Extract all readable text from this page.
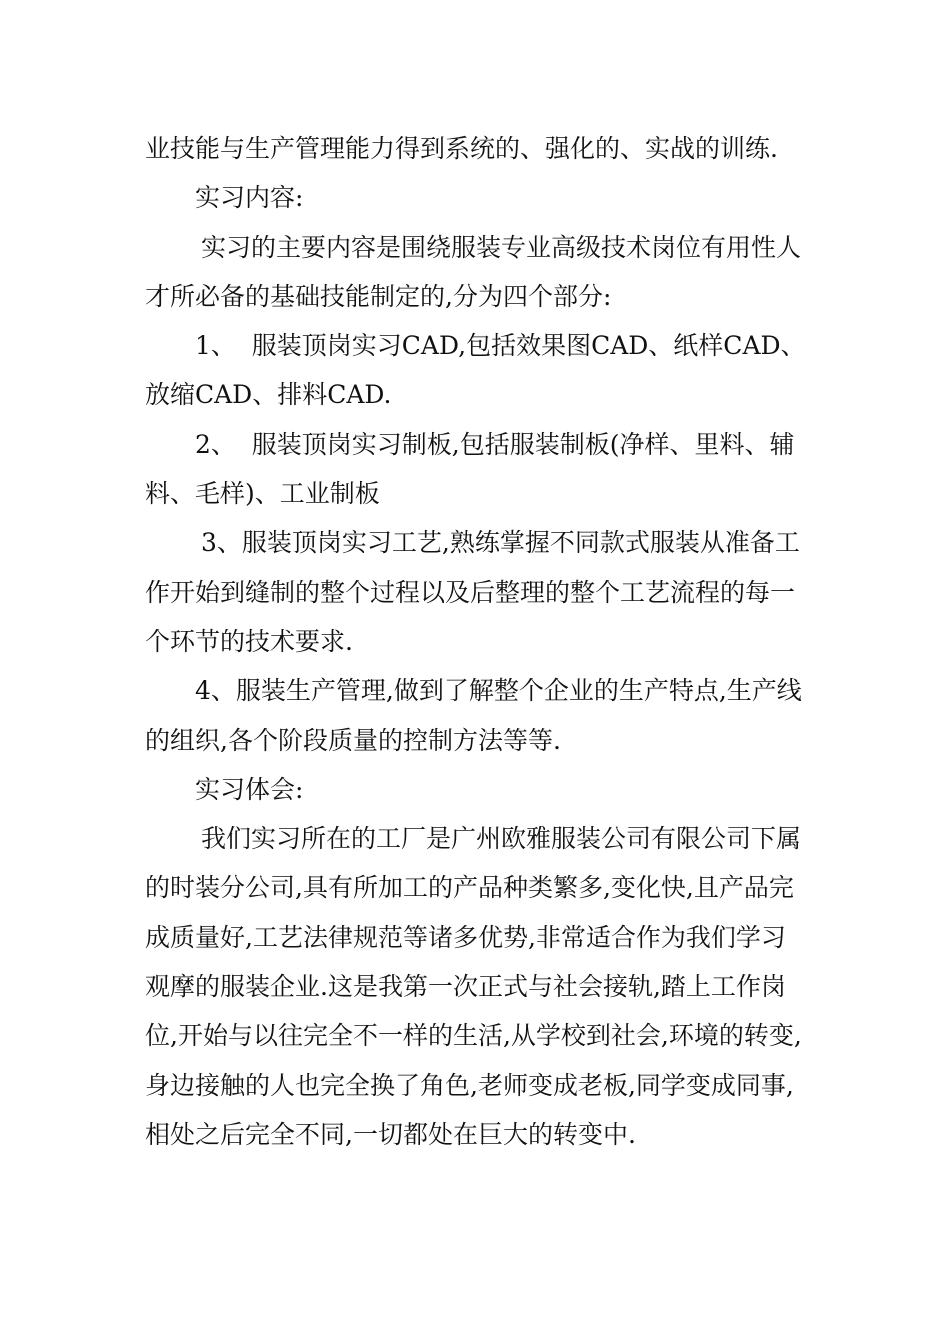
业技能与生产管理能力得到系统的、强化的、实战的训练.

实习内容:

实习的主要内容是围绕服装专业高级技术岗位有用性人才所必备的基础技能制定的,分为四个部分:

1、  服装顶岗实习CAD,包括效果图CAD、纸样CAD、放缩CAD、排料CAD.

2、  服装顶岗实习制板,包括服装制板(净样、里料、辅料、毛样)、工业制板

3、服装顶岗实习工艺,熟练掌握不同款式服装从准备工作开始到缝制的整个过程以及后整理的整个工艺流程的每一个环节的技术要求.

4、服装生产管理,做到了解整个企业的生产特点,生产线的组织,各个阶段质量的控制方法等等.

实习体会:

我们实习所在的工厂是广州欧雅服装公司有限公司下属的时装分公司,具有所加工的产品种类繁多,变化快,且产品完成质量好,工艺法律规范等诸多优势,非常适合作为我们学习观摩的服装企业.这是我第一次正式与社会接轨,踏上工作岗位,开始与以往完全不一样的生活,从学校到社会,环境的转变,身边接触的人也完全换了角色,老师变成老板,同学变成同事,相处之后完全不同,一切都处在巨大的转变中.
